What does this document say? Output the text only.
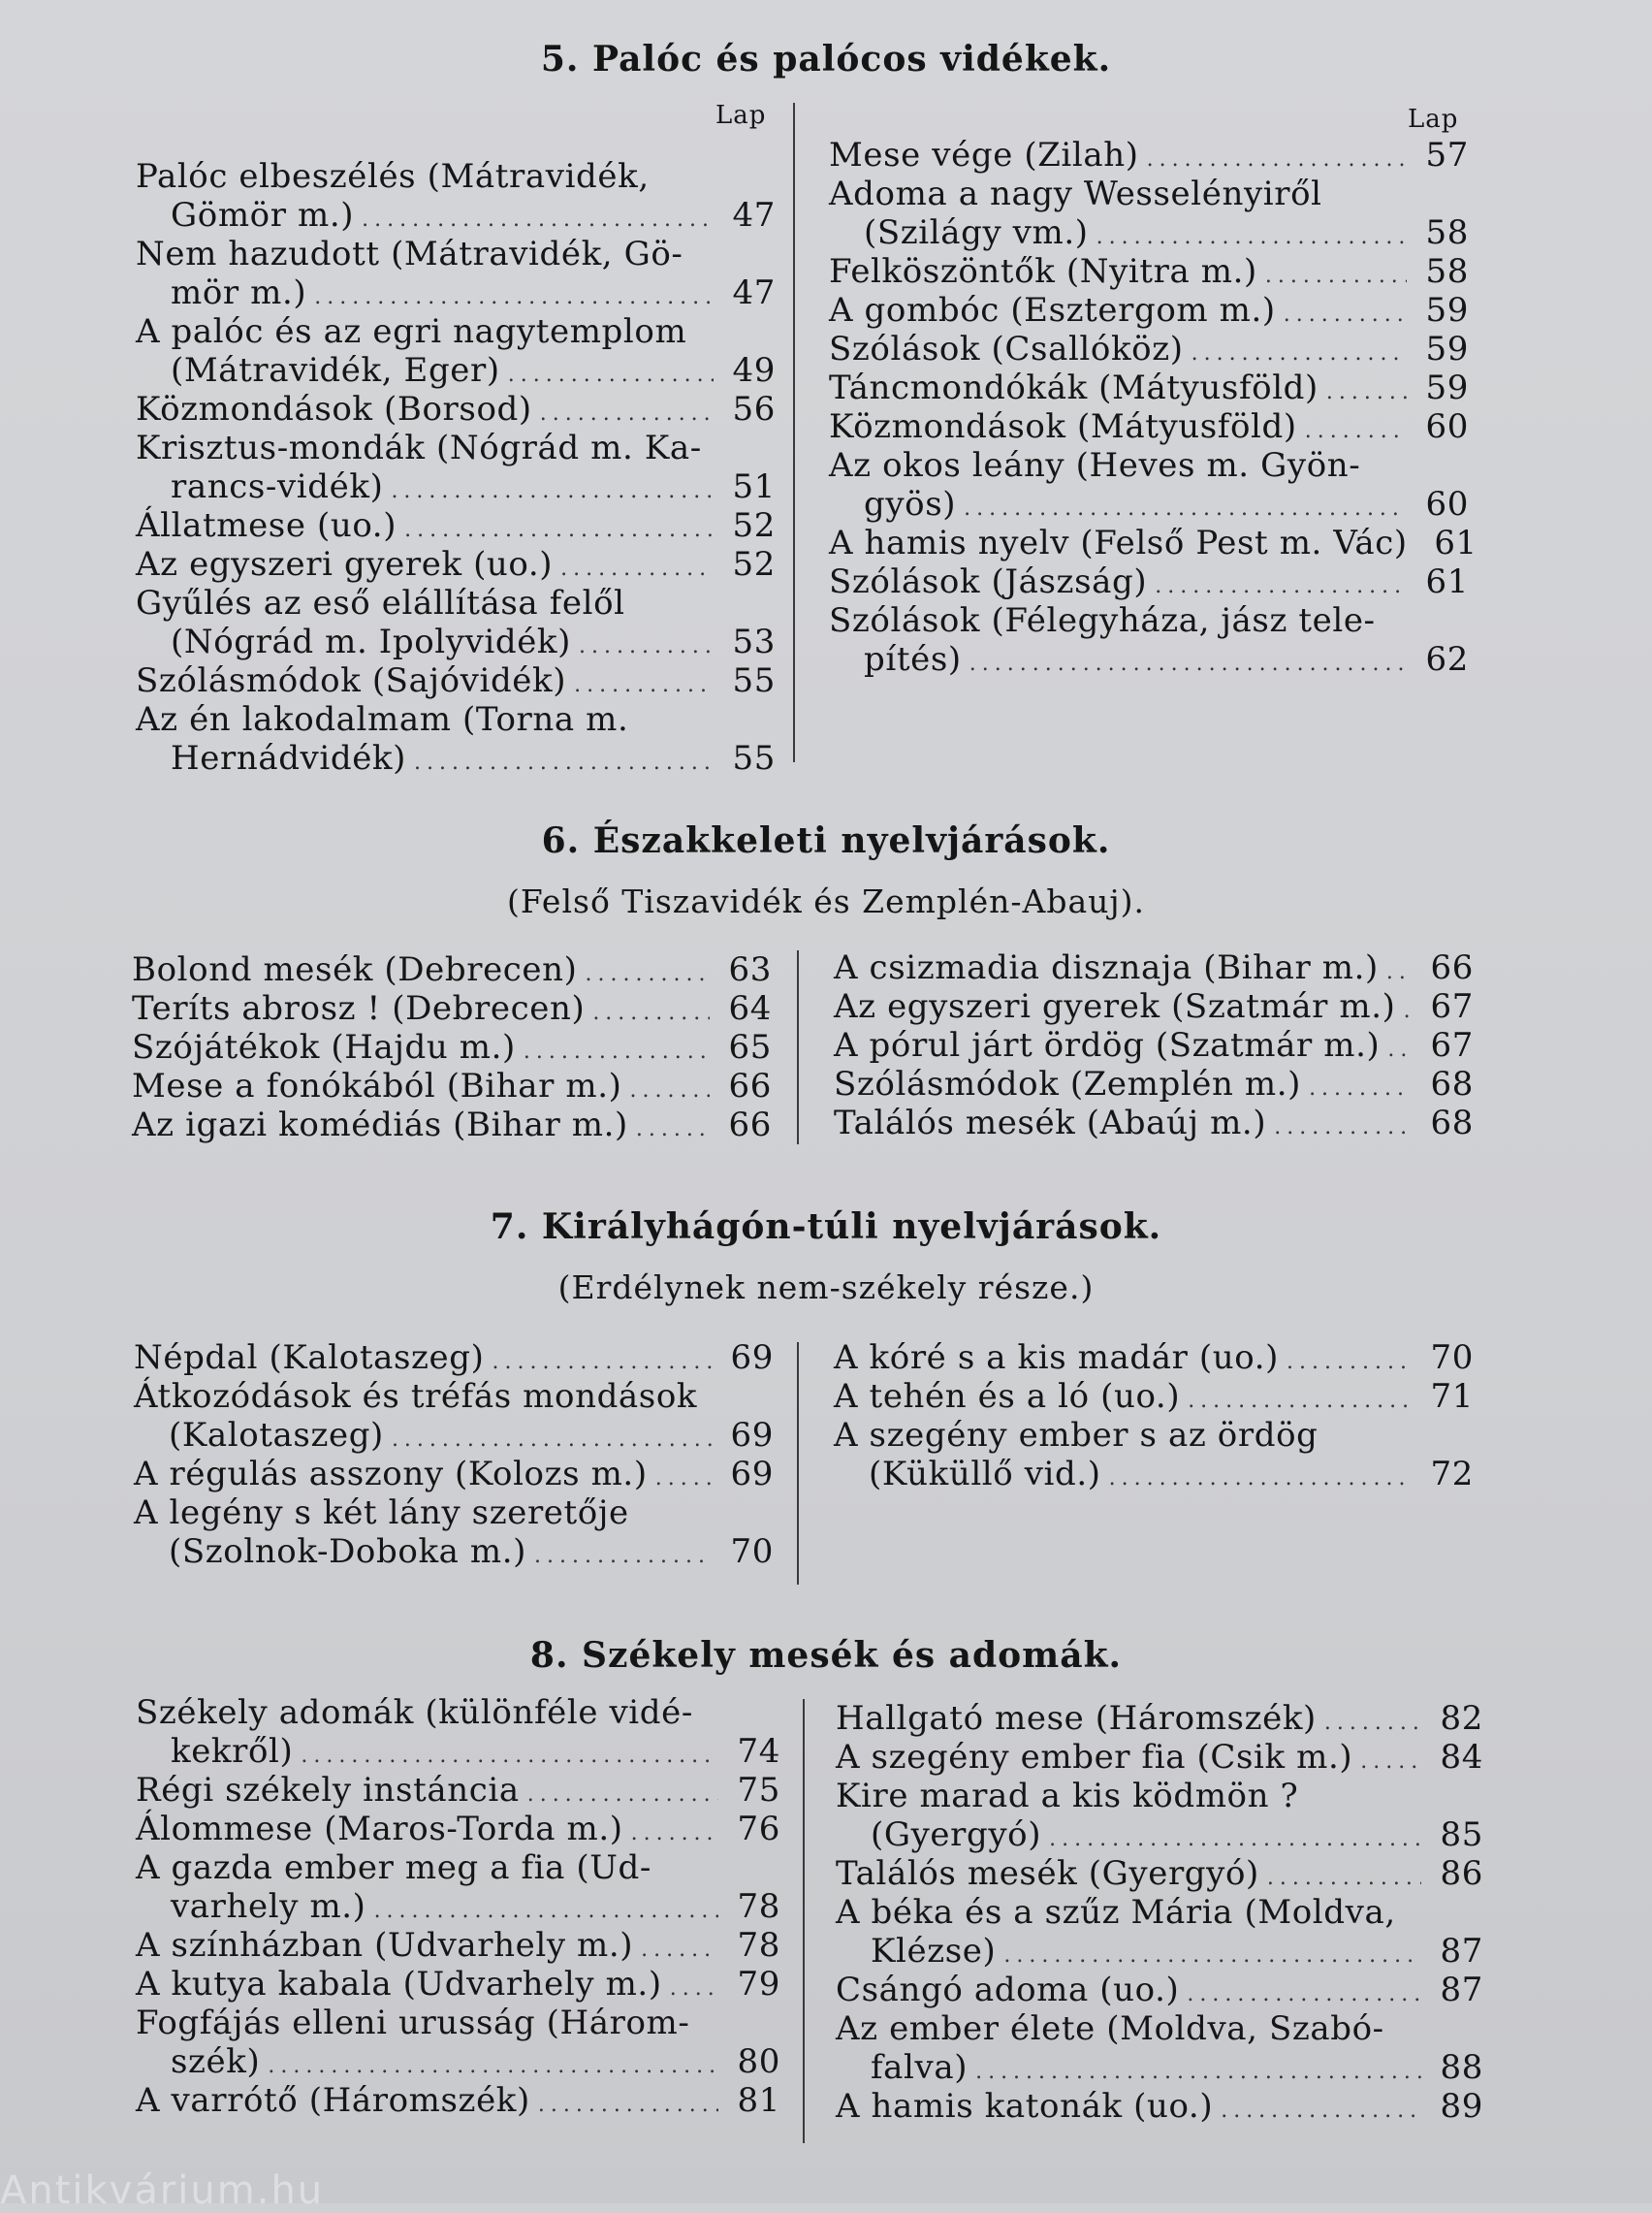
5. Palóc és palócos vidékek.
Lap	Lap
Palóc elbeszélés (Mátravidék,
Gömör m.) .....	47
Nem hazudott (Mátravidék, Gö-
mör m.) .....	47
A palóc és az egri nagytemplom
(Mátravidék, Eger) .....	49
Közmondások (Borsod) .....	56
Krisztus-mondák (Nógrád m. Ka-
rancs-vidék) .....	51
Állatmese (uo.) .....	52
Az egyszeri gyerek (uo.) .....	52
Gyűlés az eső elállítása felől
(Nógrád m. Ipolyvidék) .....	53
Szólásmódok (Sajóvidék) .....	55
Az én lakodalmam (Torna m.
Hernádvidék) .....	55
Mese vége (Zilah) .....	57
Adoma a nagy Wesselényiről
(Szilágy vm.) .....	58
Felköszöntők (Nyitra m.) .....	58
A gombóc (Esztergom m.) .....	59
Szólások (Csallóköz) .....	59
Táncmondókák (Mátyusföld) .....	59
Közmondások (Mátyusföld) .....	60
Az okos leány (Heves m. Gyön-
gyös) .....	60
A hamis nyelv (Felső Pest m. Vác) 61
Szólások (Jászság) .....	61
Szólások (Félegyháza, jász tele-
pítés) .....	62
6. Északkeleti nyelvjárások.
(Felső Tiszavidék és Zemplén-Abauj).
Bolond mesék (Debrecen) .....	63
Teríts abrosz ! (Debrecen) .....	64
Szójátékok (Hajdu m.) .....	65
Mese a fonókából (Bihar m.) .....	66
Az igazi komédiás (Bihar m.) .....	66
A csizmadia disznaja (Bihar m.) .....	66
Az egyszeri gyerek (Szatmár m.) .....	67
A pórul járt ördög (Szatmár m.) .....	67
Szólásmódok (Zemplén m.) .....	68
Találós mesék (Abaúj m.) .....	68
7. Királyhágón-túli nyelvjárások.
(Erdélynek nem-székely része.)
Népdal (Kalotaszeg) .....	69
Átkozódások és tréfás mondások
(Kalotaszeg) .....	69
A régulás asszony (Kolozs m.) .....	69
A legény s két lány szeretője
(Szolnok-Doboka m.) .....	70
A kóré s a kis madár (uo.) .....	70
A tehén és a ló (uo.) .....	71
A szegény ember s az ördög
(Küküllő vid.) .....	72
8. Székely mesék és adomák.
Székely adomák (különféle vidé-
kekről) .....	74
Régi székely instáncia .....	75
Álommese (Maros-Torda m.) .....	76
A gazda ember meg a fia (Ud-
varhely m.) .....	78
A színházban (Udvarhely m.) .....	78
A kutya kabala (Udvarhely m.) .....	79
Fogfájás elleni urusság (Három-
szék) .....	80
A varrótő (Háromszék) .....	81
Hallgató mese (Háromszék) .....	82
A szegény ember fia (Csik m.) .....	84
Kire marad a kis ködmön ?
(Gyergyó) .....	85
Találós mesék (Gyergyó) .....	86
A béka és a szűz Mária (Moldva,
Klézse) .....	87
Csángó adoma (uo.) .....	87
Az ember élete (Moldva, Szabó-
falva) .....	88
A hamis katonák (uo.) .....	89
Antikvárium.hu
